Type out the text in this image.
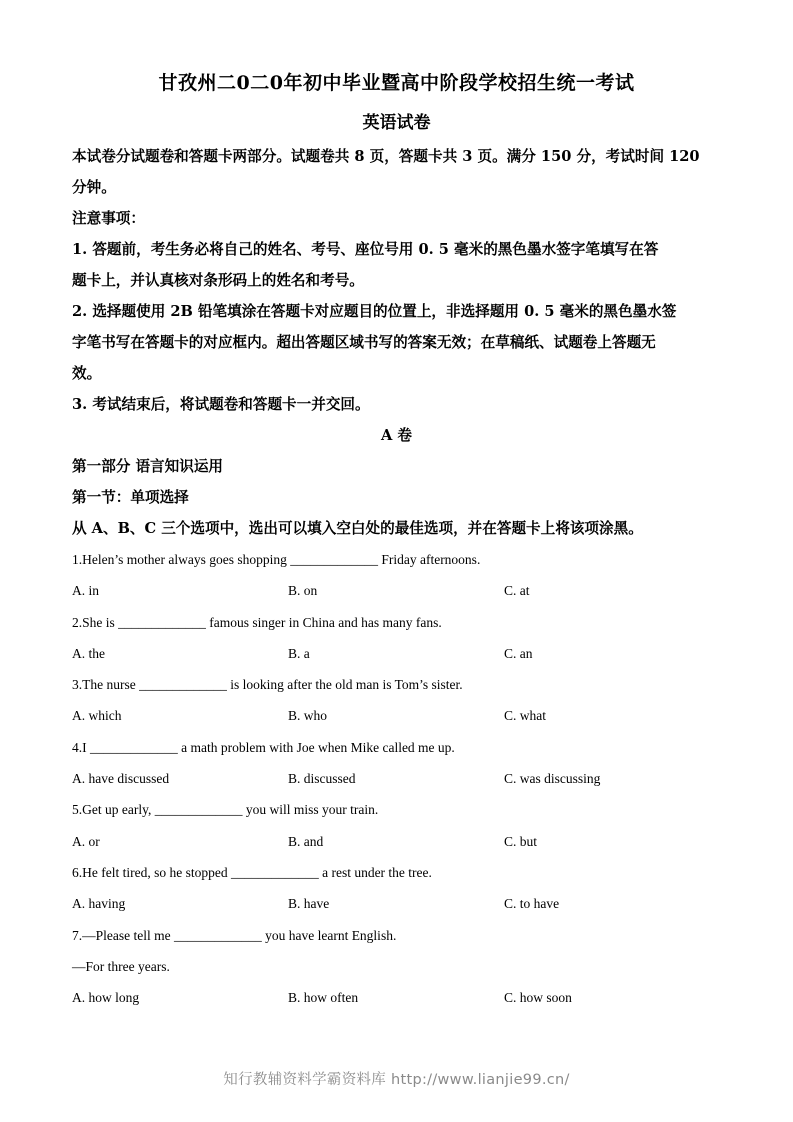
甘孜州二0二0年初中毕业暨高中阶段学校招生统一考试
英语试卷

本试卷分试题卷和答题卡两部分。试题卷共 8 页，答题卡共 3 页。满分 150 分，考试时间 120

分钟。

注意事项：

1. 答题前，考生务必将自己的姓名、考号、座位号用 0. 5 毫米的黑色墨水签字笔填写在答

题卡上，并认真核对条形码上的姓名和考号。

2. 选择题使用 2B 铅笔填涂在答题卡对应题目的位置上，非选择题用 0. 5 毫米的黑色墨水签

字笔书写在答题卡的对应框内。超出答题区域书写的答案无效；在草稿纸、试题卷上答题无

效。

3. 考试结束后，将试题卷和答题卡一并交回。

A 卷

第一部分 语言知识运用

第一节：单项选择

从 A、B、C 三个选项中，选出可以填入空白处的最佳选项，并在答题卡上将该项涂黑。

1.Helen’s mother always goes shopping _____________ Friday afternoons.

A. in	B. on	C. at

2.She is _____________ famous singer in China and has many fans.

A. the	B. a	C. an

3.The nurse _____________ is looking after the old man is Tom’s sister.

A. which	B. who	C. what

4.I _____________ a math problem with Joe when Mike called me up.

A. have discussed	B. discussed	C. was discussing

5.Get up early, _____________ you will miss your train.

A. or	B. and	C. but

6.He felt tired, so he stopped _____________ a rest under the tree.

A. having	B. have	C. to have

7.—Please tell me _____________ you have learnt English.

—For three years.

A. how long	B. how often	C. how soon
知行教辅资料学霸资料库 http://www.lianjie99.cn/
